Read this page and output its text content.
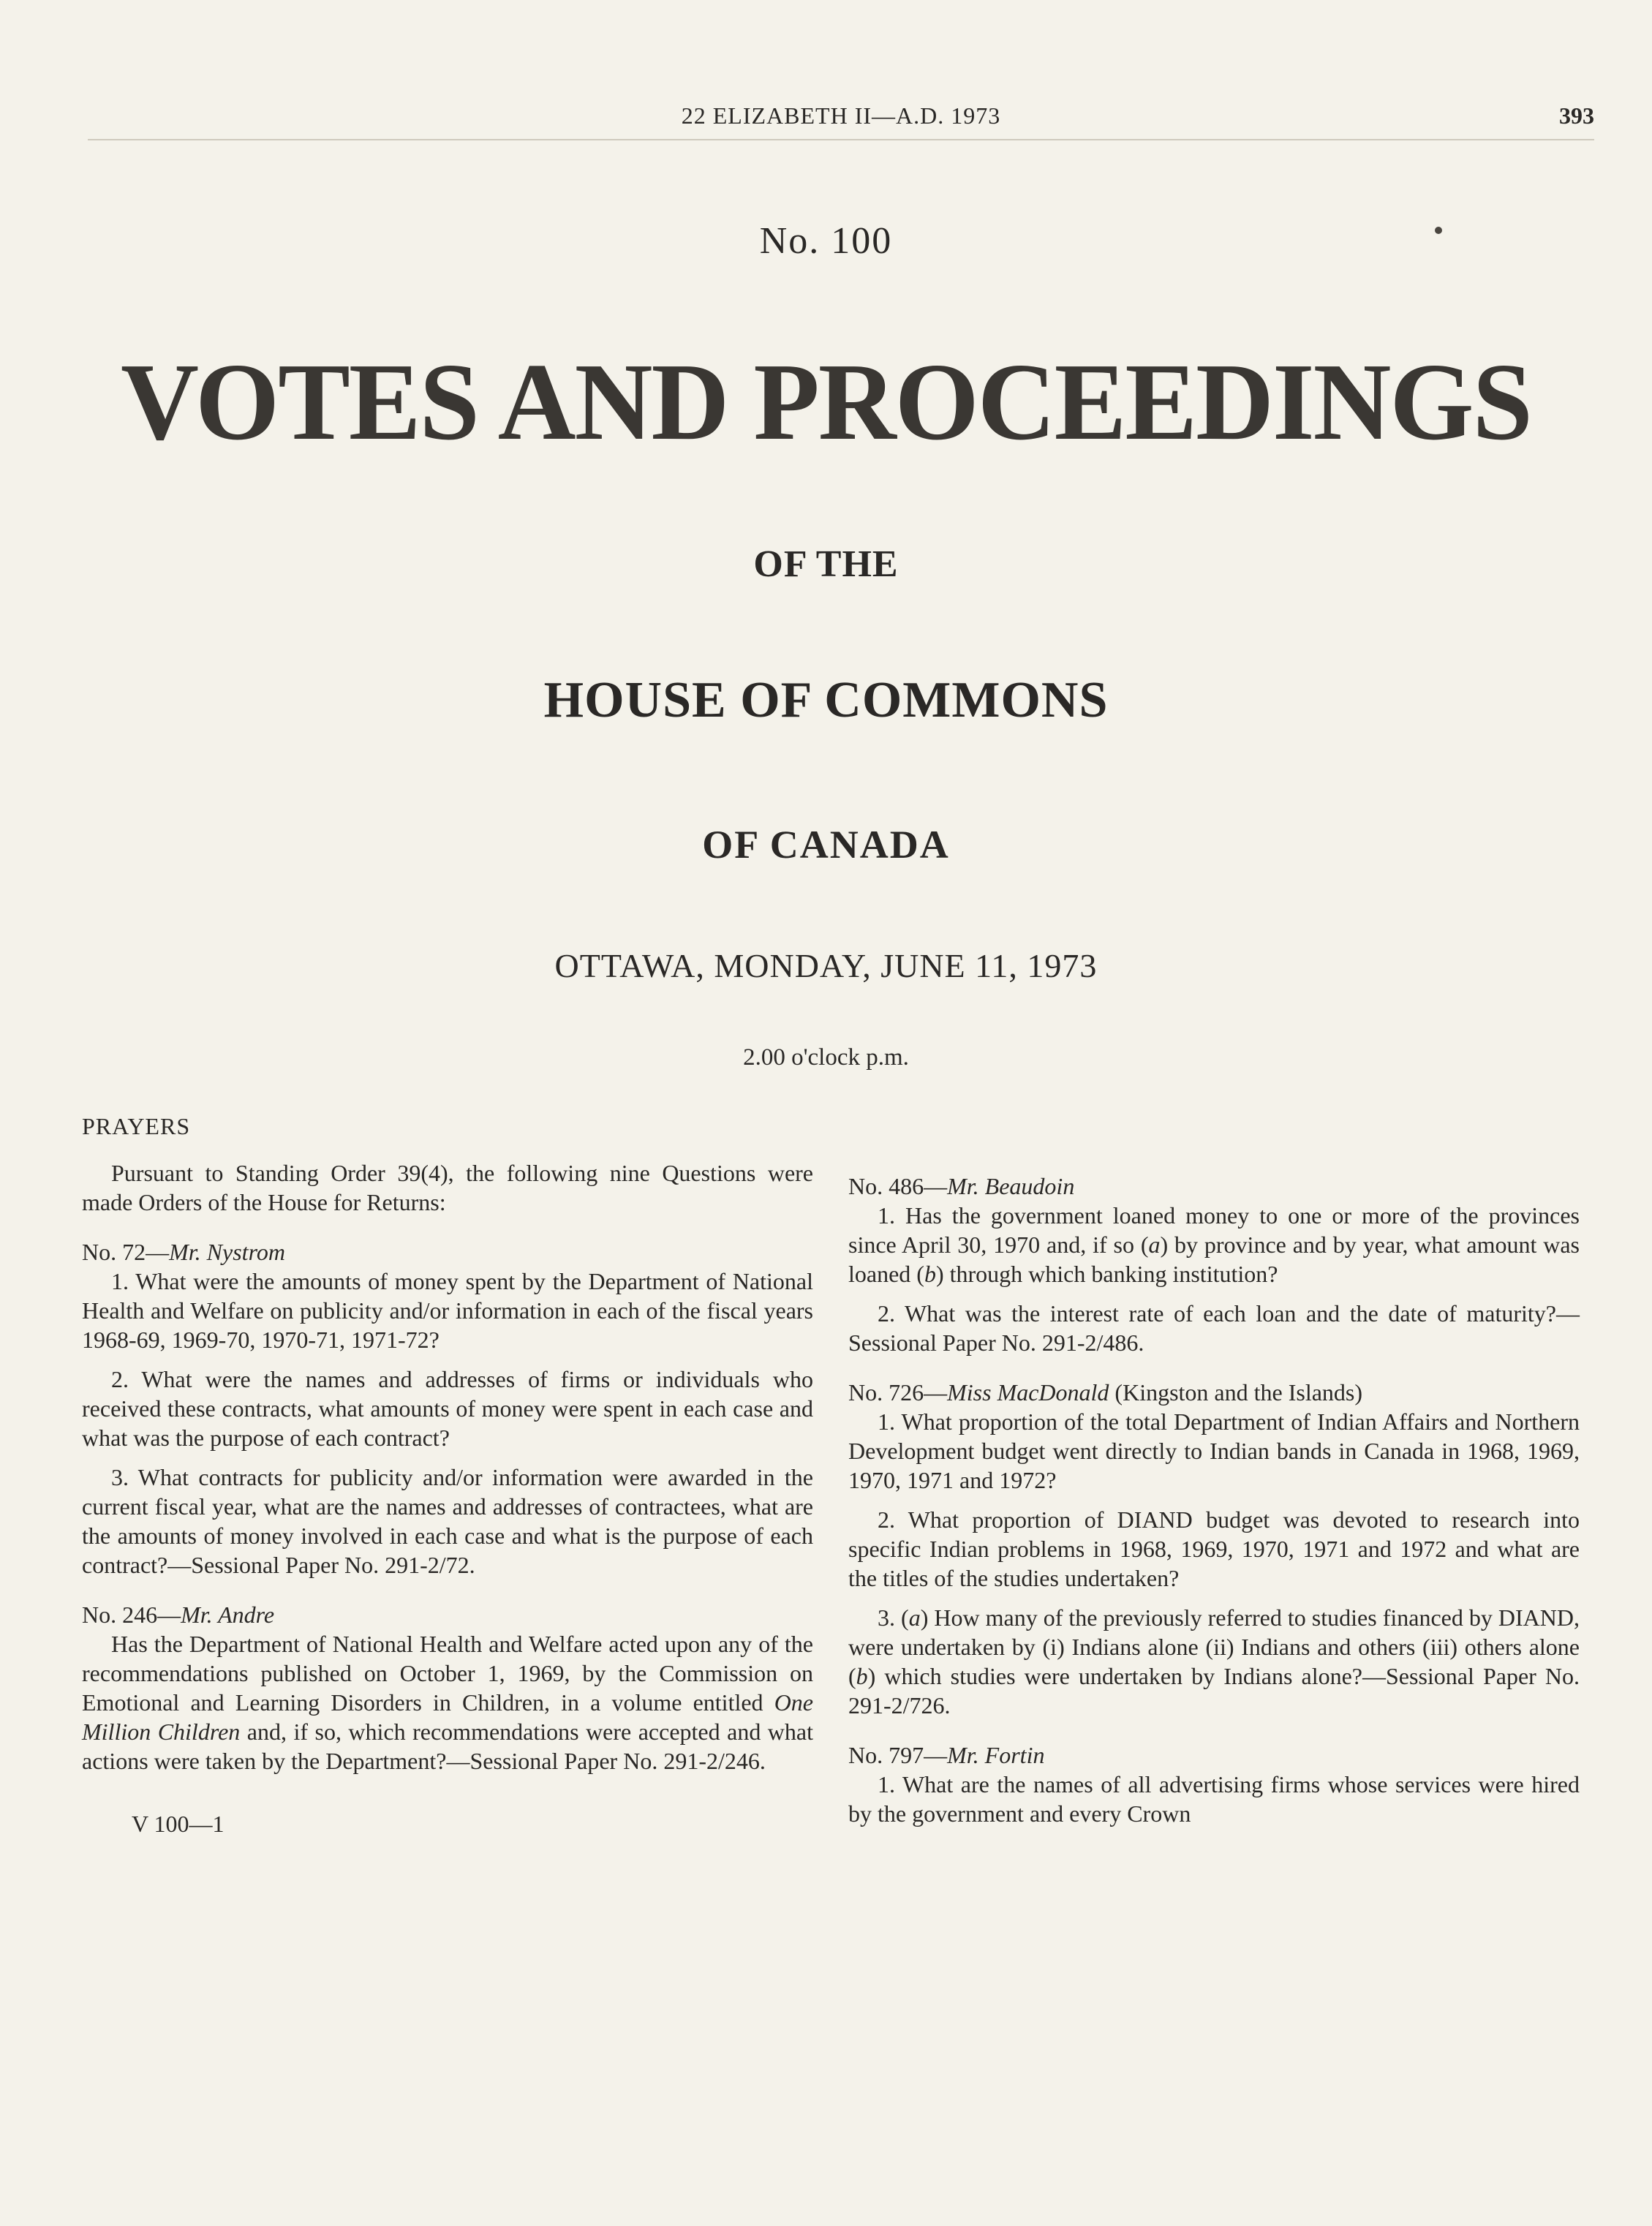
22 ELIZABETH II—A.D. 1973	393
No. 100
VOTES AND PROCEEDINGS
OF THE
HOUSE OF COMMONS
OF CANADA
OTTAWA, MONDAY, JUNE 11, 1973
2.00 o'clock p.m.

PRAYERS

Pursuant to Standing Order 39(4), the following nine Questions were made Orders of the House for Returns:

No. 72—Mr. Nystrom

1. What were the amounts of money spent by the Department of National Health and Welfare on publicity and/or information in each of the fiscal years 1968-69, 1969-70, 1970-71, 1971-72?

2. What were the names and addresses of firms or individuals who received these contracts, what amounts of money were spent in each case and what was the purpose of each contract?

3. What contracts for publicity and/or information were awarded in the current fiscal year, what are the names and addresses of contractees, what are the amounts of money involved in each case and what is the purpose of each contract?—Sessional Paper No. 291-2/72.

No. 246—Mr. Andre

Has the Department of National Health and Welfare acted upon any of the recommendations published on October 1, 1969, by the Commission on Emotional and Learning Disorders in Children, in a volume entitled One Million Children and, if so, which recommendations were accepted and what actions were taken by the Department?—Sessional Paper No. 291-2/246.

V 100—1

No. 486—Mr. Beaudoin

1. Has the government loaned money to one or more of the provinces since April 30, 1970 and, if so (a) by province and by year, what amount was loaned (b) through which banking institution?

2. What was the interest rate of each loan and the date of maturity?—Sessional Paper No. 291-2/486.

No. 726—Miss MacDonald (Kingston and the Islands)

1. What proportion of the total Department of Indian Affairs and Northern Development budget went directly to Indian bands in Canada in 1968, 1969, 1970, 1971 and 1972?

2. What proportion of DIAND budget was devoted to research into specific Indian problems in 1968, 1969, 1970, 1971 and 1972 and what are the titles of the studies undertaken?

3. (a) How many of the previously referred to studies financed by DIAND, were undertaken by (i) Indians alone (ii) Indians and others (iii) others alone (b) which studies were undertaken by Indians alone?—Sessional Paper No. 291-2/726.

No. 797—Mr. Fortin

1. What are the names of all advertising firms whose services were hired by the government and every Crown
